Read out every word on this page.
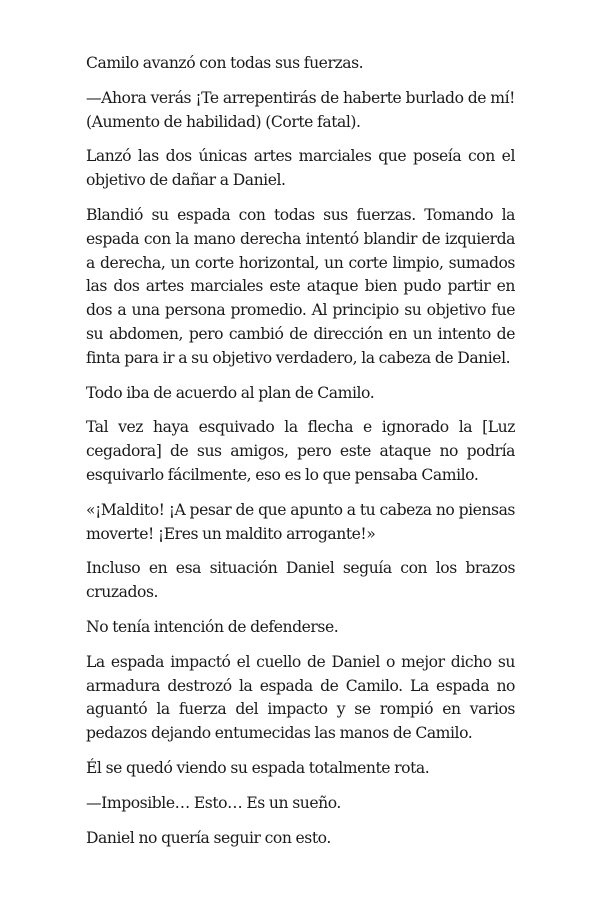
Camilo avanzó con todas sus fuerzas.

—Ahora verás ¡Te arrepentirás de haberte burlado de mí! (Aumento de habilidad) (Corte fatal).

Lanzó las dos únicas artes marciales que poseía con el objetivo de dañar a Daniel.

Blandió su espada con todas sus fuerzas. Tomando la espada con la mano derecha intentó blandir de izquierda a derecha, un corte horizontal, un corte limpio, sumados las dos artes marciales este ataque bien pudo partir en dos a una persona promedio. Al principio su objetivo fue su abdomen, pero cambió de dirección en un intento de finta para ir a su objetivo verdadero, la cabeza de Daniel.

Todo iba de acuerdo al plan de Camilo.

Tal vez haya esquivado la flecha e ignorado la [Luz cegadora] de sus amigos, pero este ataque no podría esquivarlo fácilmente, eso es lo que pensaba Camilo.

«¡Maldito! ¡A pesar de que apunto a tu cabeza no piensas moverte! ¡Eres un maldito arrogante!»

Incluso en esa situación Daniel seguía con los brazos cruzados.

No tenía intención de defenderse.

La espada impactó el cuello de Daniel o mejor dicho su armadura destrozó la espada de Camilo. La espada no aguantó la fuerza del impacto y se rompió en varios pedazos dejando entumecidas las manos de Camilo.

Él se quedó viendo su espada totalmente rota.

—Imposible… Esto… Es un sueño.

Daniel no quería seguir con esto.
